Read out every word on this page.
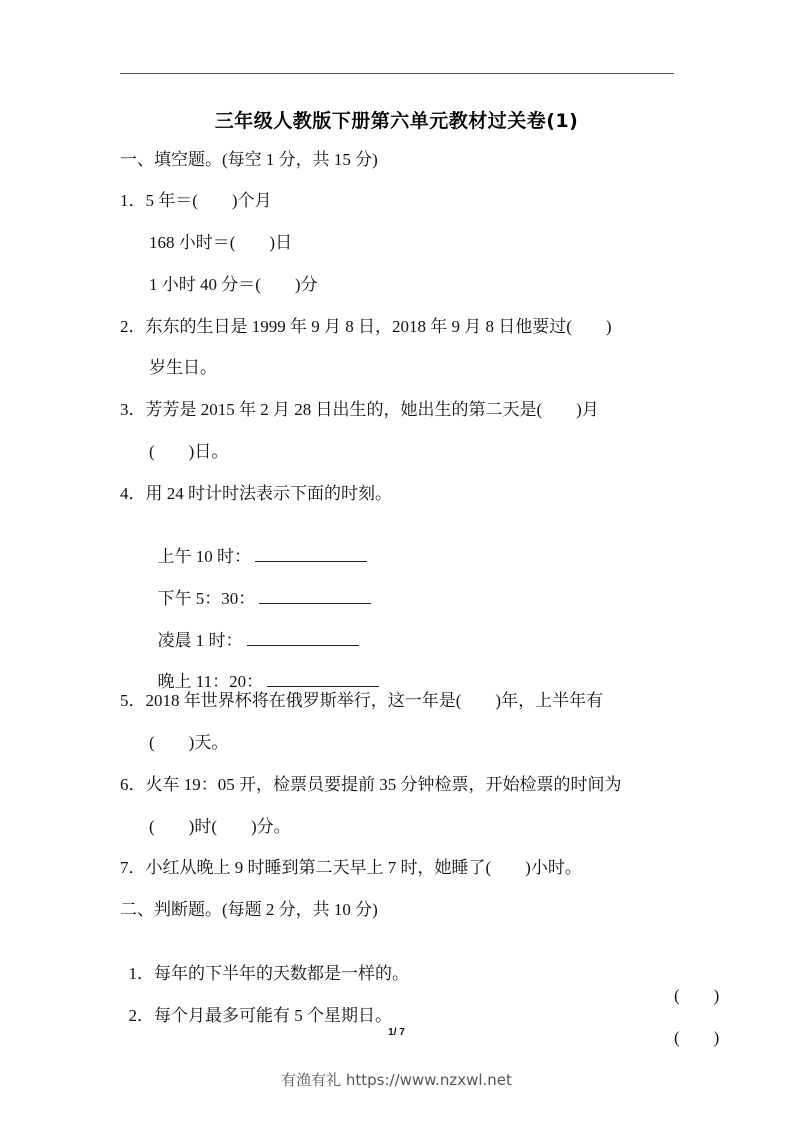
三年级人教版下册第六单元教材过关卷(1)
一、填空题。(每空 1 分，共 15 分)
1．5 年＝(　　)个月
168 小时＝(　　)日
1 小时 40 分＝(　　)分
2．东东的生日是 1999 年 9 月 8 日，2018 年 9 月 8 日他要过(　　)
岁生日。
3．芳芳是 2015 年 2 月 28 日出生的，她出生的第二天是(　　)月
(　　)日。
4．用 24 时计时法表示下面的时刻。

上午 10 时：

下午 5：30：

凌晨 1 时：

晚上 11：20：

5．2018 年世界杯将在俄罗斯举行，这一年是(　　)年，上半年有
(　　)天。
6．火车 19：05 开，检票员要提前 35 分钟检票，开始检票的时间为
(　　)时(　　)分。
7．小红从晚上 9 时睡到第二天早上 7 时，她睡了(　　)小时。
二、判断题。(每题 2 分，共 10 分)

1．每年的下半年的天数都是一样的。

(　　)

2．每个月最多可能有 5 个星期日。

(　　)

1/ 7
有渔有礼 https://www.nzxwl.net
